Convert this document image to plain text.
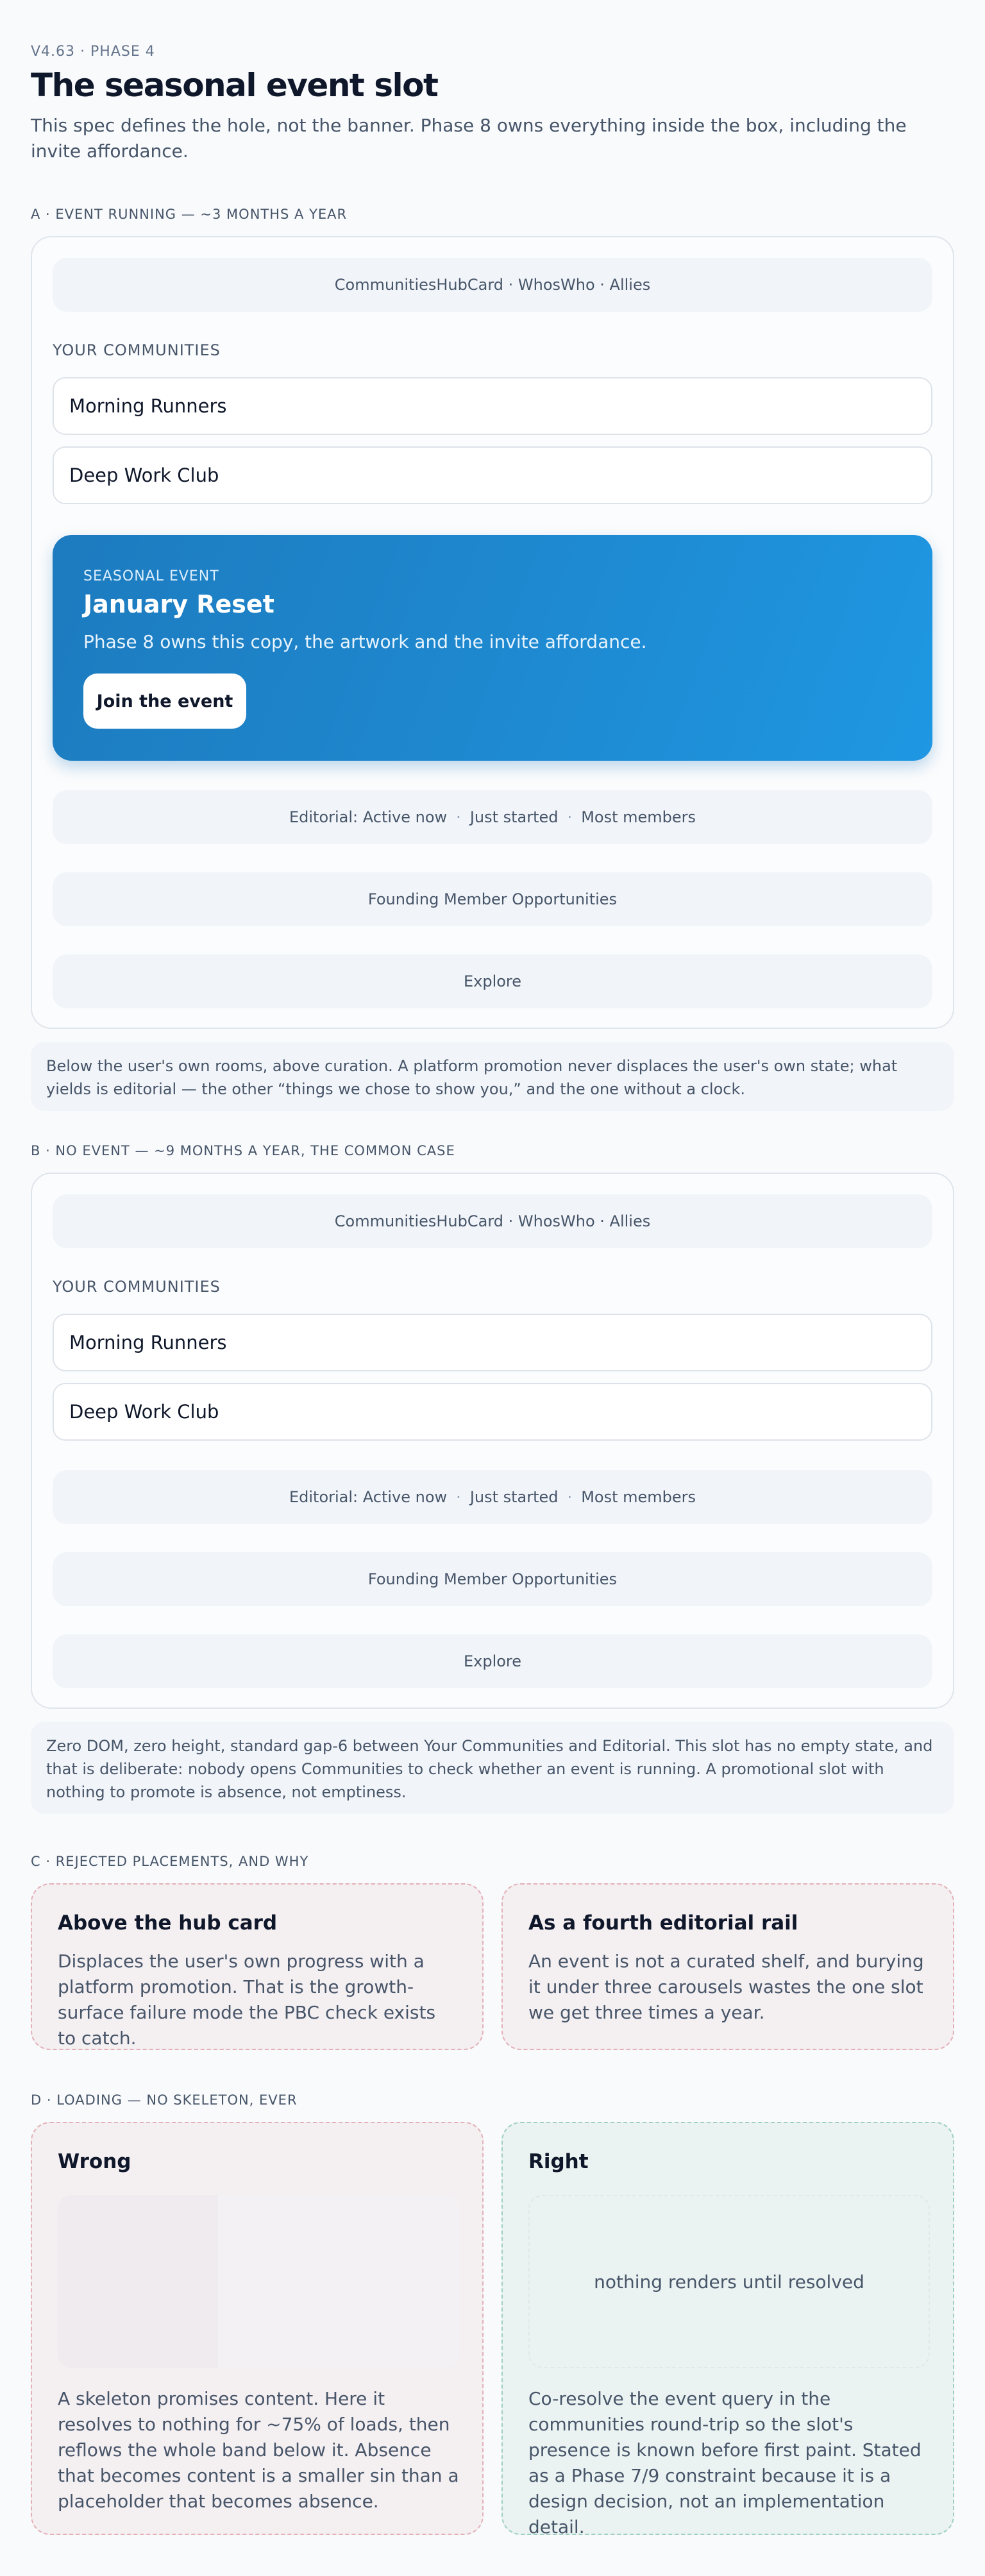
V4.63 · PHASE 4
The seasonal event slot

This spec defines the hole, not the banner. Phase 8 owns everything inside the box, including the invite affordance.

A · EVENT RUNNING — ~3 MONTHS A YEAR
CommunitiesHubCard · WhosWho · Allies
YOUR COMMUNITIES
Morning Runners
Deep Work Club
SEASONAL EVENT
January Reset
Phase 8 owns this copy, the artwork and the invite affordance.
Join the event
Editorial: Active now · Just started · Most members
Founding Member Opportunities
Explore
Below the user's own rooms, above curation. A platform promotion never displaces the user's own state; what yields is editorial — the other “things we chose to show you,” and the one without a clock.
B · NO EVENT — ~9 MONTHS A YEAR, THE COMMON CASE
CommunitiesHubCard · WhosWho · Allies
YOUR COMMUNITIES
Morning Runners
Deep Work Club
Editorial: Active now · Just started · Most members
Founding Member Opportunities
Explore
Zero DOM, zero height, standard gap-6 between Your Communities and Editorial. This slot has no empty state, and that is deliberate: nobody opens Communities to check whether an event is running. A promotional slot with nothing to promote is absence, not emptiness.
C · REJECTED PLACEMENTS, AND WHY
Above the hub card
Displaces the user's own progress with a platform promotion. That is the growth-surface failure mode the PBC check exists to catch.
As a fourth editorial rail
An event is not a curated shelf, and burying it under three carousels wastes the one slot we get three times a year.
D · LOADING — NO SKELETON, EVER
Wrong
A skeleton promises content. Here it resolves to nothing for ~75% of loads, then reflows the whole band below it. Absence that becomes content is a smaller sin than a placeholder that becomes absence.
Right
nothing renders until resolved
Co-resolve the event query in the communities round-trip so the slot's presence is known before first paint. Stated as a Phase 7/9 constraint because it is a design decision, not an implementation detail.
